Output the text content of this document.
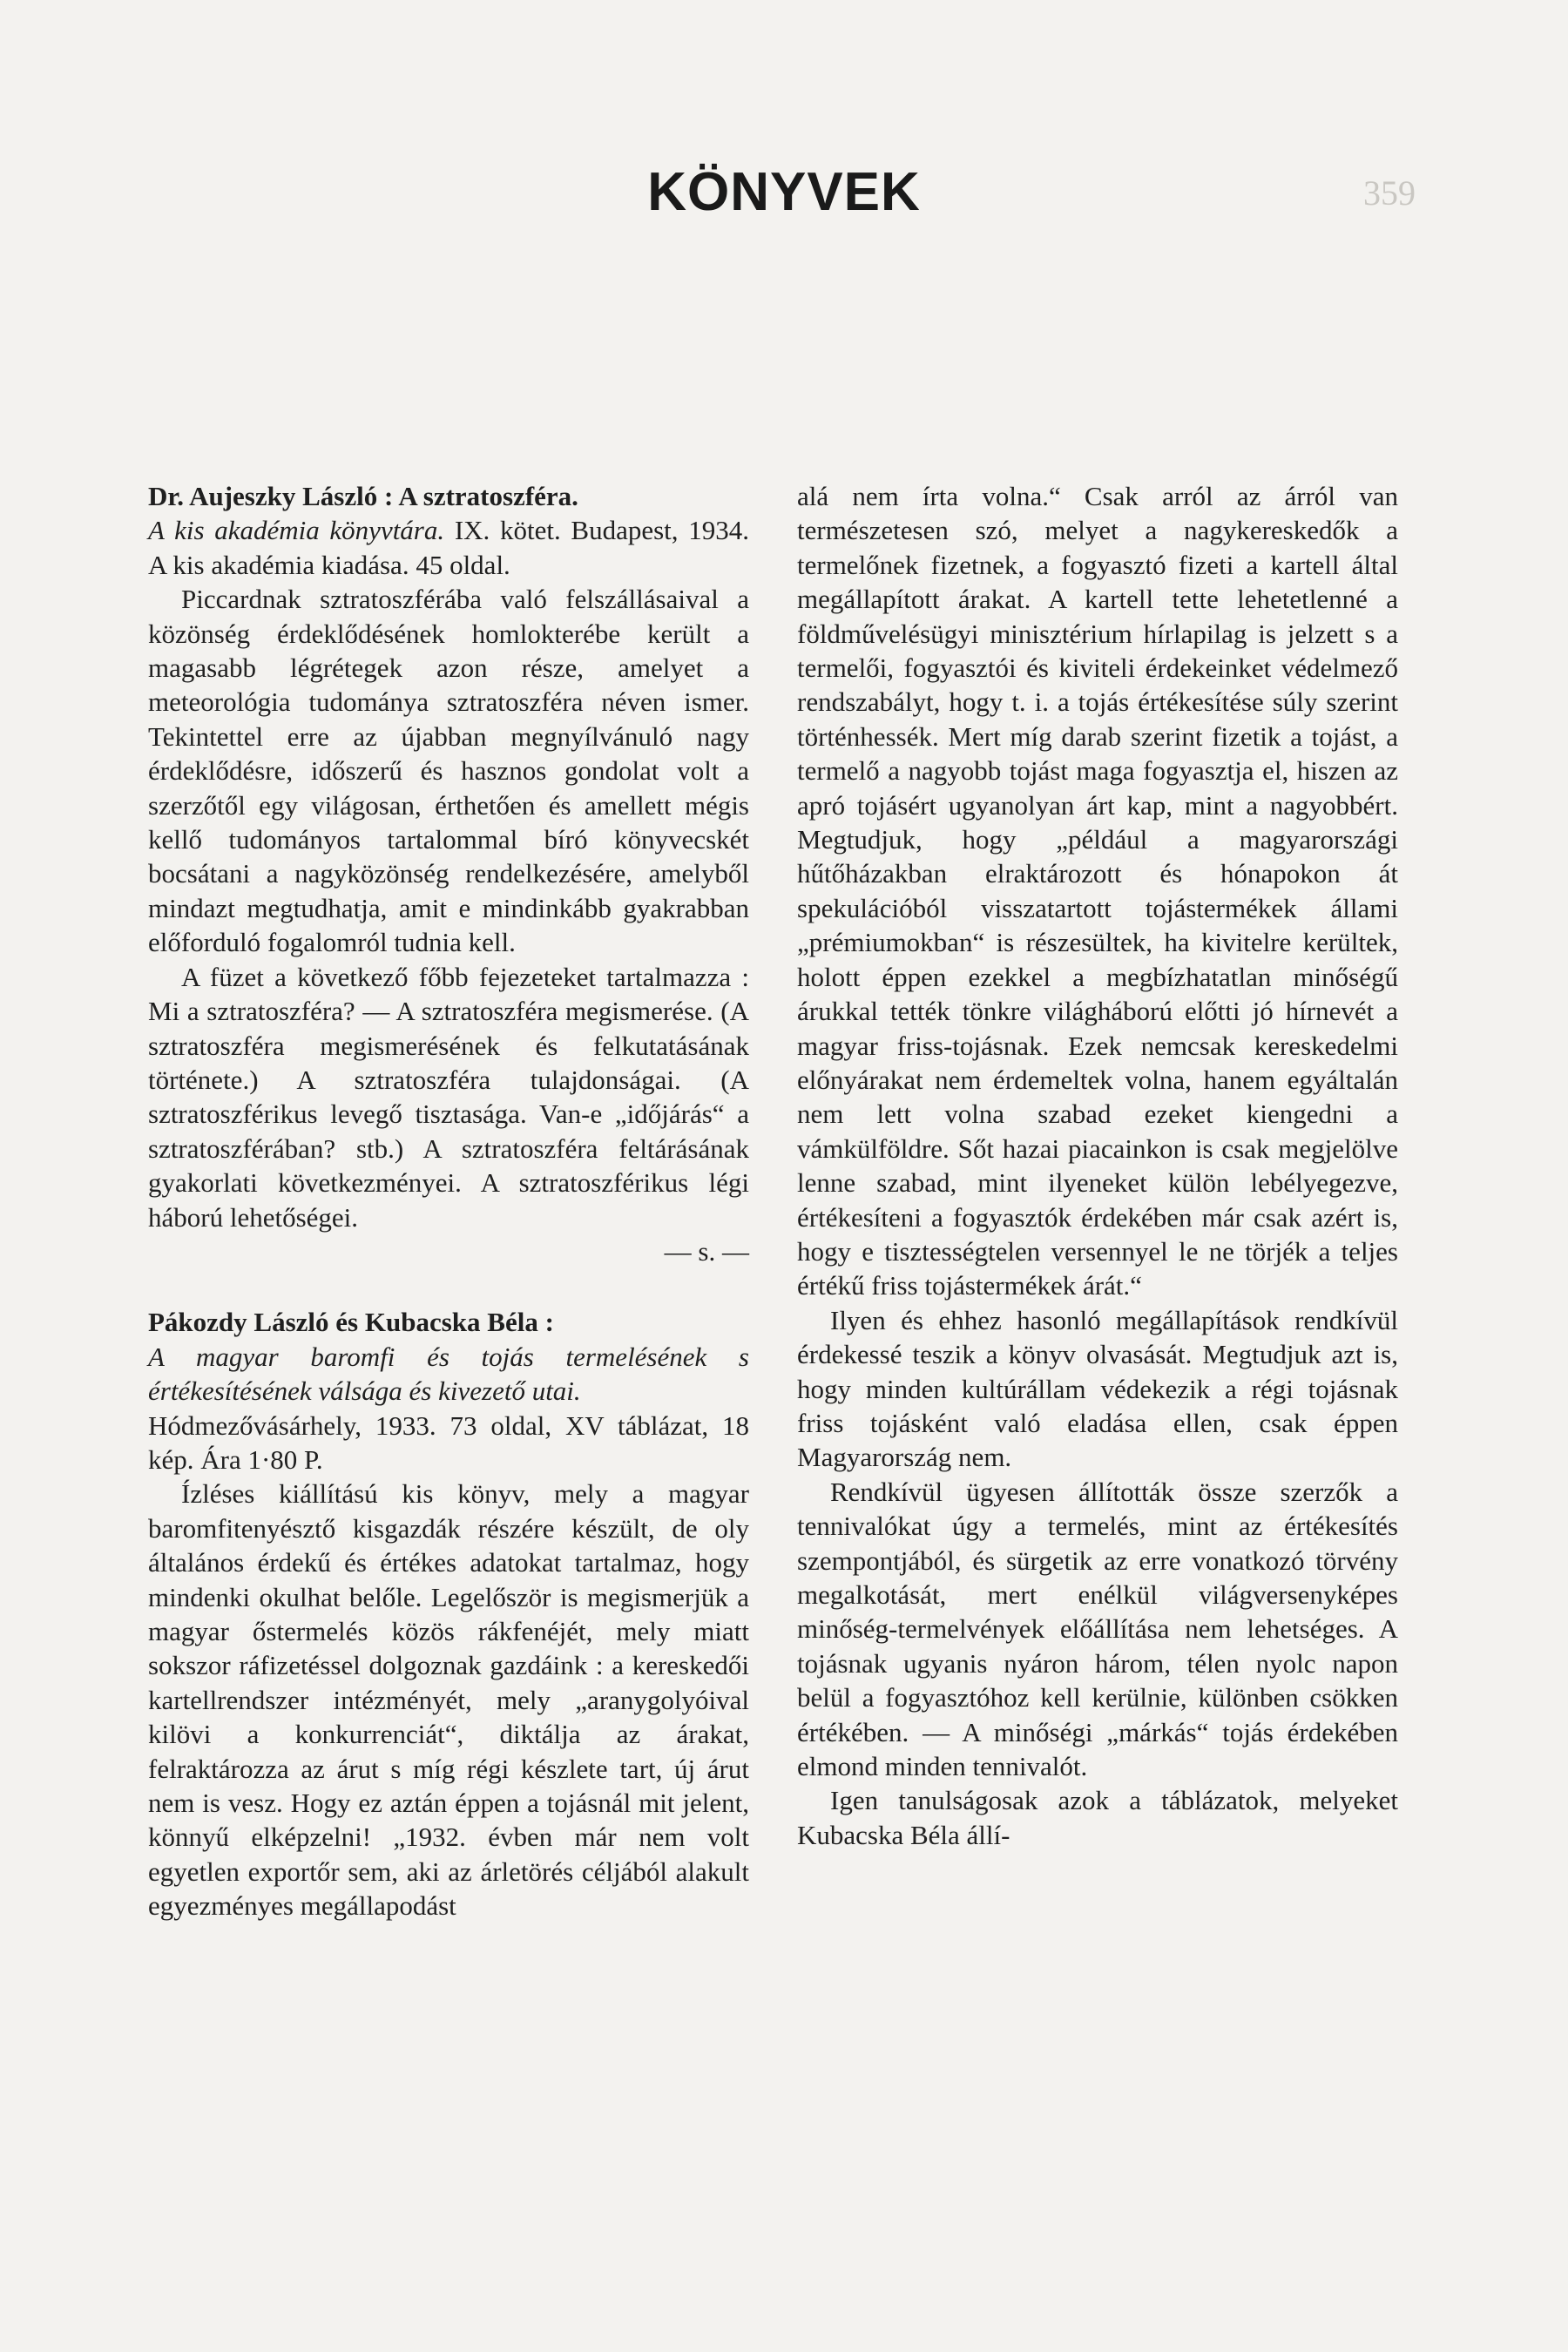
359
KÖNYVEK

Dr. Aujeszky László : A sztratoszféra.

A kis akadémia könyvtára. IX. kötet. Budapest, 1934. A kis akadémia kiadása. 45 oldal.

Piccardnak sztratoszférába való felszállásaival a közönség érdeklődésének homlokterébe került a magasabb légrétegek azon része, amelyet a meteorológia tudománya sztratoszféra néven ismer. Tekintettel erre az újabban megnyílvánuló nagy érdeklődésre, időszerű és hasznos gondolat volt a szerzőtől egy világosan, érthetően és amellett mégis kellő tudományos tartalommal bíró könyvecskét bocsátani a nagyközönség rendelkezésére, amelyből mindazt megtudhatja, amit e mindinkább gyakrabban előforduló fogalomról tudnia kell.

A füzet a következő főbb fejezeteket tartalmazza : Mi a sztratoszféra? — A sztratoszféra megismerése. (A sztratoszféra megismerésének és felkutatásának története.) A sztratoszféra tulajdonságai. (A sztratoszférikus levegő tisztasága. Van-e „időjárás“ a sztratoszférában? stb.) A sztratoszféra feltárásának gyakorlati következményei. A sztratoszférikus légi háború lehetőségei.

— s. —

Pákozdy László és Kubacska Béla :

A magyar baromfi és tojás termelésének s értékesítésének válsága és kivezető utai.

Hódmezővásárhely, 1933. 73 oldal, XV táblázat, 18 kép. Ára 1·80 P.

Ízléses kiállítású kis könyv, mely a magyar baromfitenyésztő kisgazdák részére készült, de oly általános érdekű és értékes adatokat tartalmaz, hogy mindenki okulhat belőle. Legelőször is megismerjük a magyar őstermelés közös rákfenéjét, mely miatt sokszor ráfizetéssel dolgoznak gazdáink : a kereskedői kartellrendszer intézményét, mely „aranygolyóival kilövi a konkurrenciát“, diktálja az árakat, felraktározza az árut s míg régi készlete tart, új árut nem is vesz. Hogy ez aztán éppen a tojásnál mit jelent, könnyű elképzelni! „1932. évben már nem volt egyetlen exportőr sem, aki az árletörés céljából alakult egyezményes megállapodást

alá nem írta volna.“ Csak arról az árról van természetesen szó, melyet a nagykereskedők a termelőnek fizetnek, a fogyasztó fizeti a kartell által megállapított árakat. A kartell tette lehetetlenné a földművelésügyi minisztérium hírlapilag is jelzett s a termelői, fogyasztói és kiviteli érdekeinket védelmező rendszabályt, hogy t. i. a tojás értékesítése súly szerint történhessék. Mert míg darab szerint fizetik a tojást, a termelő a nagyobb tojást maga fogyasztja el, hiszen az apró tojásért ugyanolyan árt kap, mint a nagyobbért. Megtudjuk, hogy „például a magyarországi hűtőházakban elraktározott és hónapokon át spekulációból visszatartott tojástermékek állami „prémiumokban“ is részesültek, ha kivitelre kerültek, holott éppen ezekkel a megbízhatatlan minőségű árukkal tették tönkre világháború előtti jó hírnevét a magyar friss-tojásnak. Ezek nemcsak kereskedelmi előnyárakat nem érdemeltek volna, hanem egyáltalán nem lett volna szabad ezeket kiengedni a vámkülföldre. Sőt hazai piacainkon is csak megjelölve lenne szabad, mint ilyeneket külön lebélyegezve, értékesíteni a fogyasztók érdekében már csak azért is, hogy e tisztességtelen versennyel le ne törjék a teljes értékű friss tojástermékek árát.“

Ilyen és ehhez hasonló megállapítások rendkívül érdekessé teszik a könyv olvasását. Megtudjuk azt is, hogy minden kultúrállam védekezik a régi tojásnak friss tojásként való eladása ellen, csak éppen Magyarország nem.

Rendkívül ügyesen állították össze szerzők a tennivalókat úgy a termelés, mint az értékesítés szempontjából, és sürgetik az erre vonatkozó törvény megalkotását, mert enélkül világversenyképes minőség-termelvények előállítása nem lehetséges. A tojásnak ugyanis nyáron három, télen nyolc napon belül a fogyasztóhoz kell kerülnie, különben csökken értékében. — A minőségi „márkás“ tojás érdekében elmond minden tennivalót.

Igen tanulságosak azok a táblázatok, melyeket Kubacska Béla állí-
